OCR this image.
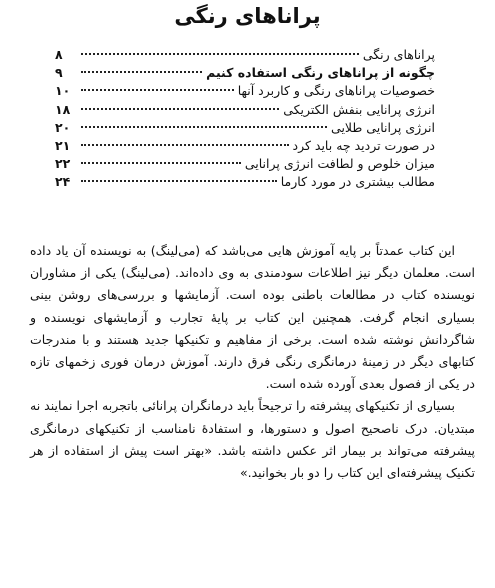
پراناهای رنگی
پراناهای رنگی
۸
چگونه از پراناهای رنگی استفاده کنیم
۹
خصوصیات پراناهای رنگی و کاربرد آنها
۱۰
انرژی پرانایی بنفش الکتریکی
۱۸
انرژی پرانایی طلایی
۲۰
در صورت تردید چه باید کرد
۲۱
میزان خلوص و لطافت انرژی پرانایی
۲۲
مطالب بیشتری در مورد کارما
۲۴

این کتاب عمدتاً بر پایه آموزش هایی می‌باشد که (می‌لینگ) به نویسنده آن یاد داده است. معلمان دیگر نیز اطلاعات سودمندی به وی داده‌اند. (می‌لینگ) یکی از مشاوران نویسنده کتاب در مطالعات باطنی بوده است. آزمایشها و بررسی‌های روشن بینی بسیاری انجام گرفت. همچنین این کتاب بر پایهٔ تجارب و آزمایشهای نویسنده و شاگردانش نوشته شده است. برخی از مفاهیم و تکنیکها جدید هستند و با مندرجات کتابهای دیگر در زمینهٔ درمانگری رنگی فرق دارند. آموزش درمان فوری زخمهای تازه در یکی از فصول بعدی آورده شده است.

بسیاری از تکنیکهای پیشرفته را ترجیحاً باید درمانگران پرانائی باتجربه اجرا نمایند نه مبتدیان. درک ناصحیح اصول و دستورها، و استفادهٔ نامناسب از تکنیکهای درمانگری پیشرفته می‌تواند بر بیمار اثر عکس داشته باشد. «بهتر است پیش از استفاده از هر تکنیک پیشرفته‌ای این کتاب را دو بار بخوانید.»
